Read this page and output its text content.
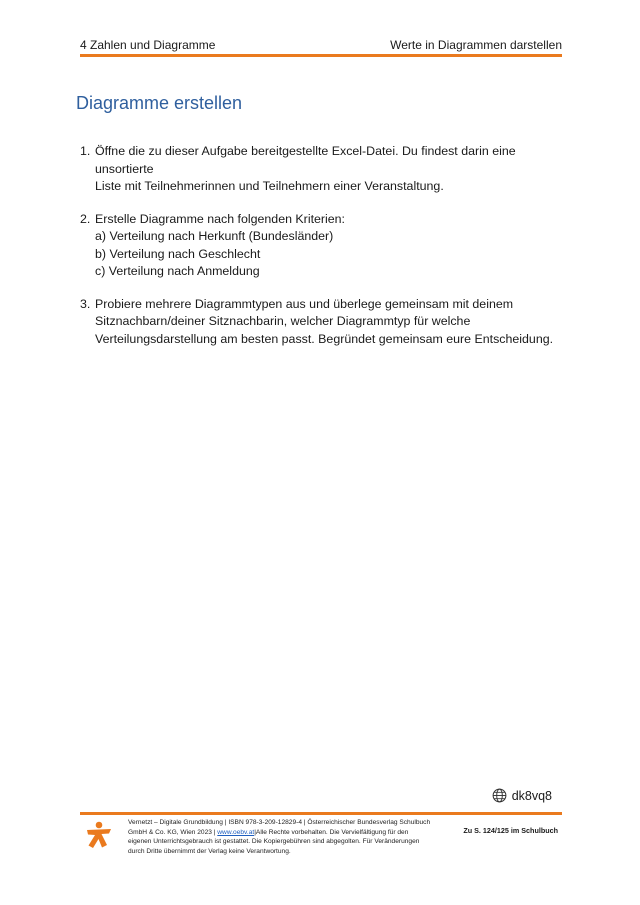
4 Zahlen und Diagramme	Werte in Diagrammen darstellen
Diagramme erstellen
1. Öffne die zu dieser Aufgabe bereitgestellte Excel-Datei. Du findest darin eine unsortierte
Liste mit Teilnehmerinnen und Teilnehmern einer Veranstaltung.
2. Erstelle Diagramme nach folgenden Kriterien:
a) Verteilung nach Herkunft (Bundesländer)
b) Verteilung nach Geschlecht
c) Verteilung nach Anmeldung
3. Probiere mehrere Diagrammtypen aus und überlege gemeinsam mit deinem
Sitznachbarn/deiner Sitznachbarin, welcher Diagrammtyp für welche
Verteilungsdarstellung am besten passt. Begründet gemeinsam eure Entscheidung.
dk8vq8
Vernetzt – Digitale Grundbildung | ISBN 978-3-209-12829-4 | Österreichischer Bundesverlag Schulbuch
GmbH & Co. KG, Wien 2023 | www.oebv.at|Alle Rechte vorbehalten. Die Vervielfältigung für den
eigenen Unterrichtsgebrauch ist gestattet. Die Kopiergebühren sind abgegolten. Für Veränderungen
durch Dritte übernimmt der Verlag keine Verantwortung.
Zu S. 124/125 im Schulbuch
